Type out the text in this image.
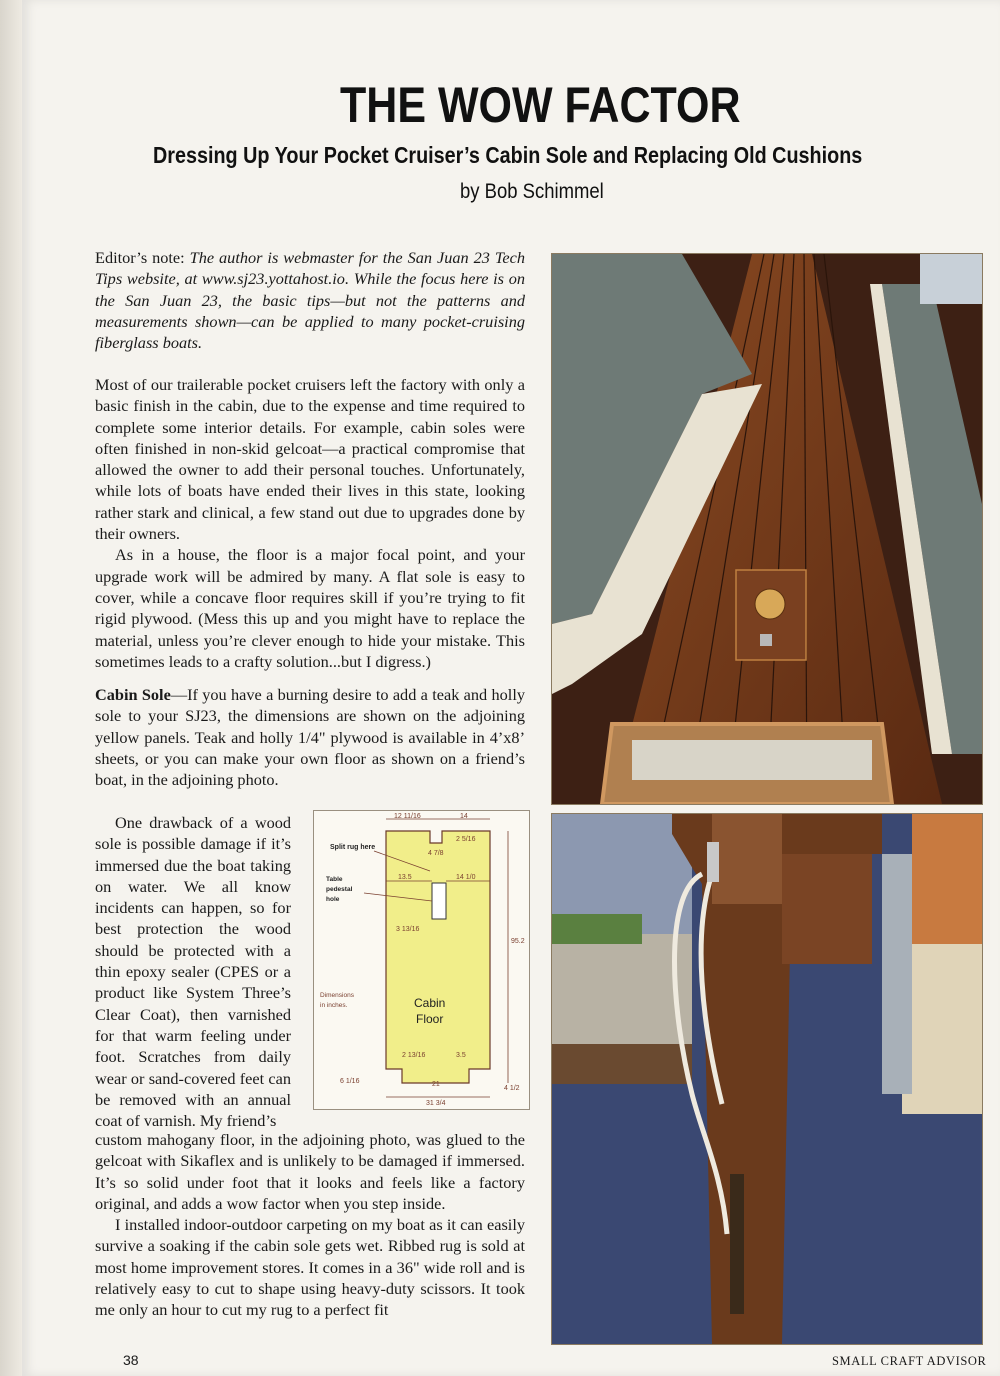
THE WOW FACTOR
Dressing Up Your Pocket Cruiser’s Cabin Sole and Replacing Old Cushions
by Bob Schimmel
Editor’s note: The author is webmaster for the San Juan 23 Tech Tips website, at www.sj23.yottahost.io. While the focus here is on the San Juan 23, the basic tips—but not the patterns and measurements shown—can be applied to many pocket-cruising fiberglass boats.

Most of our trailerable pocket cruisers left the factory with only a basic finish in the cabin, due to the expense and time required to complete some interior details. For example, cabin soles were often finished in non-skid gelcoat—a practical compromise that allowed the owner to add their personal touches. Unfortunately, while lots of boats have ended their lives in this state, looking rather stark and clinical, a few stand out due to upgrades done by their owners.

As in a house, the floor is a major focal point, and your upgrade work will be admired by many. A flat sole is easy to cover, while a concave floor requires skill if you’re trying to fit rigid plywood. (Mess this up and you might have to replace the material, unless you’re clever enough to hide your mistake. This sometimes leads to a crafty solution...but I digress.)

Cabin Sole—If you have a burning desire to add a teak and holly sole to your SJ23, the dimensions are shown on the adjoining yellow panels. Teak and holly 1/4" plywood is available in 4’x8’ sheets, or you can make your own floor as shown on a friend’s boat, in the adjoining photo.
One drawback of a wood sole is possible damage if it’s immersed due the boat taking on water. We all know incidents can happen, so for best protection the wood should be protected with a thin epoxy sealer (CPES or a product like System Three’s Clear Coat), then varnished for that warm feeling under foot. Scratches from daily wear or sand-covered feet can be removed with an annual coat of varnish. My friend’s

custom mahogany floor, in the adjoining photo, was glued to the gelcoat with Sikaflex and is unlikely to be damaged if immersed. It’s so solid under foot that it looks and feels like a factory original, and adds a wow factor when you step inside.

I installed indoor-outdoor carpeting on my boat as it can easily survive a soaking if the cabin sole gets wet. Ribbed rug is sold at most home improvement stores. It comes in a 36" wide roll and is relatively easy to cut to shape using heavy-duty scissors. It took me only an hour to cut my rug to a perfect fit

12 11/16	14
2 5/16
4 7/8
13.5	14 1/0
3 13/16
95.2
2 13/16	3.5
6 1/16	21
4 1/2
31 3/4
Split rug here
Table pedestal hole
Dimensions in inches.	Cabin
Floor
38	SMALL CRAFT ADVISOR
